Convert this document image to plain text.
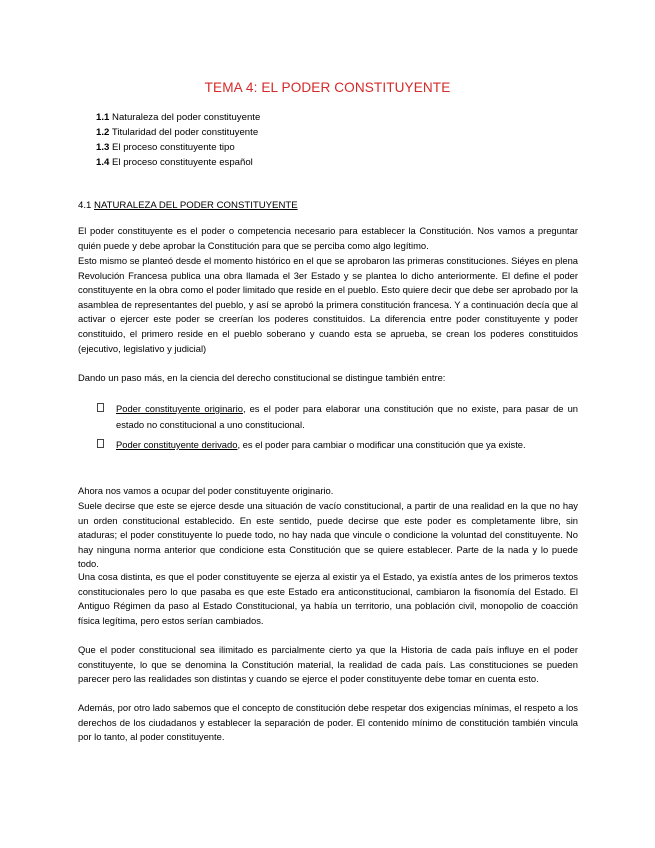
TEMA 4: EL PODER CONSTITUYENTE
1.1 Naturaleza del poder constituyente
1.2 Titularidad del poder constituyente
1.3 El proceso constituyente tipo
1.4 El proceso constituyente español
4.1 NATURALEZA DEL PODER CONSTITUYENTE

El poder constituyente es el poder o competencia necesario para establecer la Constitución. Nos vamos a preguntar quién puede y debe aprobar la Constitución para que se perciba como algo legítimo.

Esto mismo se planteó desde el momento histórico en el que se aprobaron las primeras constituciones. Siéyes en plena Revolución Francesa publica una obra llamada el 3er Estado y se plantea lo dicho anteriormente. El define el poder constituyente en la obra como el poder limitado que reside en el pueblo. Esto quiere decir que debe ser aprobado por la asamblea de representantes del pueblo, y así se aprobó la primera constitución francesa. Y a continuación decía que al activar o ejercer este poder se creerían los poderes constituidos. La diferencia entre poder constituyente y poder constituido, el primero reside en el pueblo soberano y cuando esta se aprueba, se crean los poderes constituidos (ejecutivo, legislativo y judicial)

Dando un paso más, en la ciencia del derecho constitucional se distingue también entre:

Poder constituyente originario, es el poder para elaborar una constitución que no existe, para pasar de un estado no constitucional a uno constitucional.
Poder constituyente derivado, es el poder para cambiar o modificar una constitución que ya existe.

Ahora nos vamos a ocupar del poder constituyente originario.

Suele decirse que este se ejerce desde una situación de vacío constitucional, a partir de una realidad en la que no hay un orden constitucional establecido. En este sentido, puede decirse que este poder es completamente libre, sin ataduras; el poder constituyente lo puede todo, no hay nada que vincule o condicione la voluntad del constituyente. No hay ninguna norma anterior que condicione esta Constitución que se quiere establecer. Parte de la nada y lo puede todo.

Una cosa distinta, es que el poder constituyente se ejerza al existir ya el Estado, ya existía antes de los primeros textos constitucionales pero lo que pasaba es que este Estado era anticonstitucional, cambiaron la fisonomía del Estado. El Antiguo Régimen da paso al Estado Constitucional, ya había un territorio, una población civil, monopolio de coacción física legítima, pero estos serían cambiados.

Que el poder constitucional sea ilimitado es parcialmente cierto ya que la Historia de cada país influye en el poder constituyente, lo que se denomina la Constitución material, la realidad de cada país. Las constituciones se pueden parecer pero las realidades son distintas y cuando se ejerce el poder constituyente debe tomar en cuenta esto.

Además, por otro lado sabemos que el concepto de constitución debe respetar dos exigencias mínimas, el respeto a los derechos de los ciudadanos y establecer la separación de poder. El contenido mínimo de constitución también vincula por lo tanto, al poder constituyente.
